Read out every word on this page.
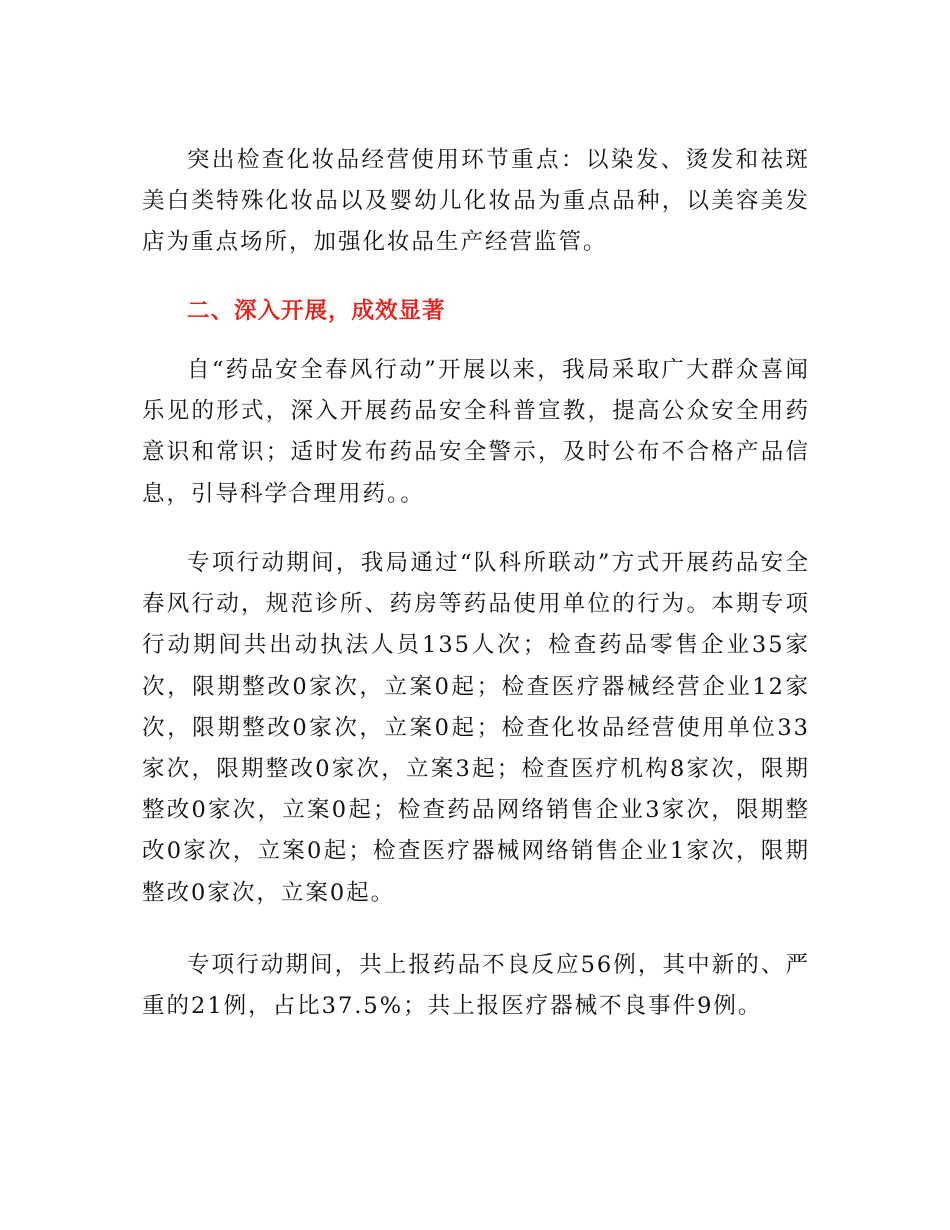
突出检查化妆品经营使用环节重点：以染发、烫发和祛斑美白类特殊化妆品以及婴幼儿化妆品为重点品种，以美容美发店为重点场所，加强化妆品生产经营监管。

二、深入开展，成效显著

自“药品安全春风行动”开展以来，我局采取广大群众喜闻乐见的形式，深入开展药品安全科普宣教，提高公众安全用药意识和常识；适时发布药品安全警示，及时公布不合格产品信息，引导科学合理用药。。

专项行动期间，我局通过“队科所联动”方式开展药品安全春风行动，规范诊所、药房等药品使用单位的行为。本期专项行动期间共出动执法人员135人次；检查药品零售企业35家次，限期整改0家次，立案0起；检查医疗器械经营企业12家次，限期整改0家次，立案0起；检查化妆品经营使用单位33家次，限期整改0家次，立案3起；检查医疗机构8家次，限期整改0家次，立案0起；检查药品网络销售企业3家次，限期整改0家次，立案0起；检查医疗器械网络销售企业1家次，限期整改0家次，立案0起。

专项行动期间，共上报药品不良反应56例，其中新的、严重的21例，占比37.5%；共上报医疗器械不良事件9例。
